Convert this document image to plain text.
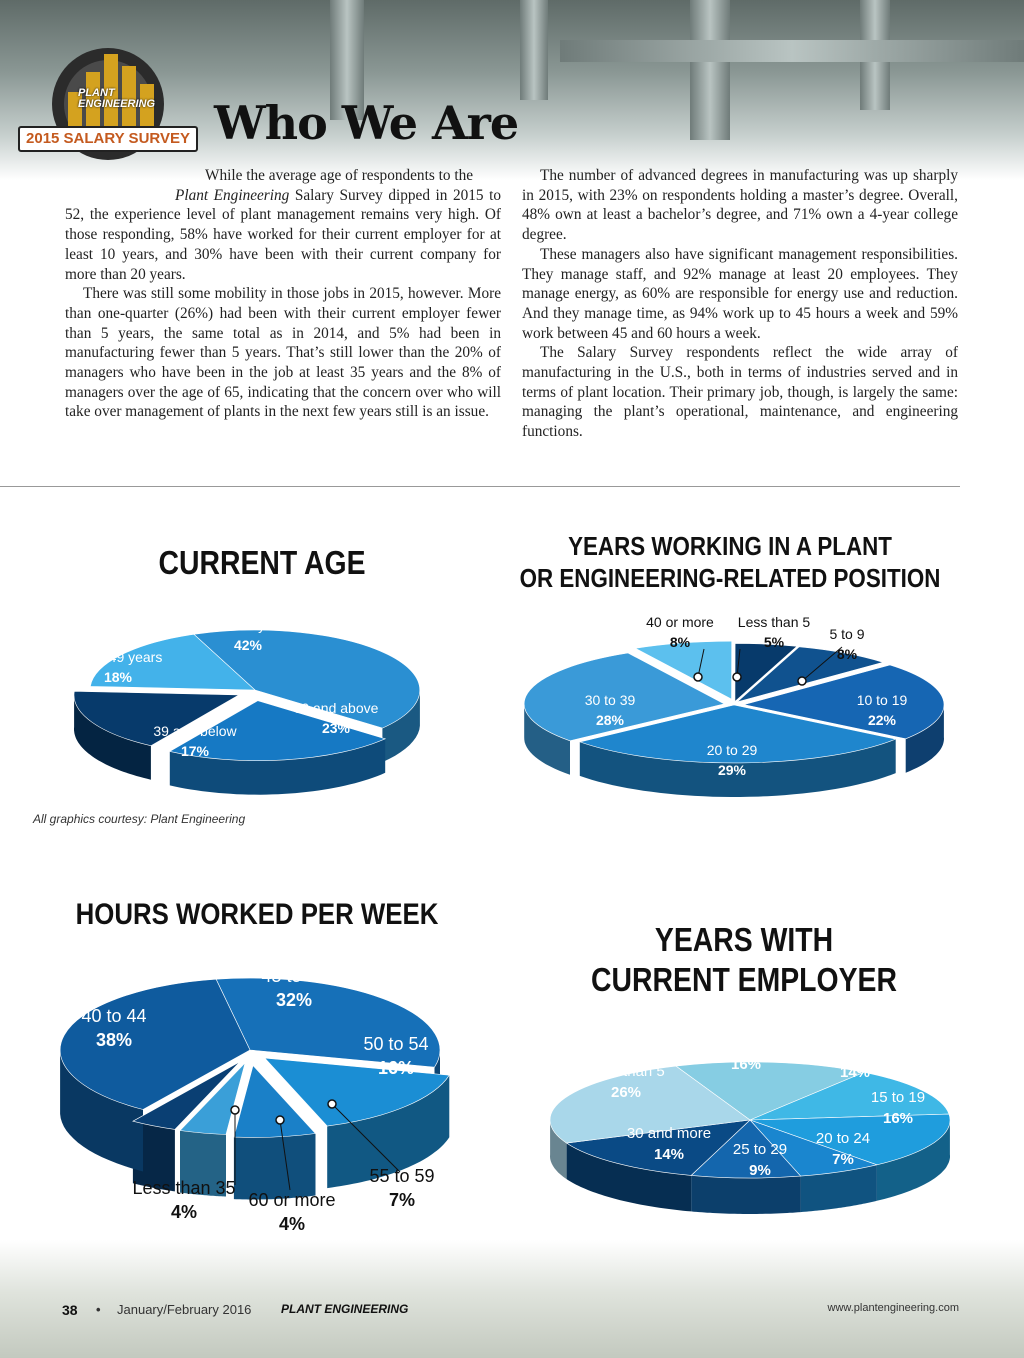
PLANT ENGINEERING
2015 SALARY SURVEY Who We Are

While the average age of respondents to the

Plant Engineering Salary Survey dipped in 2015 to 52, the experience level of plant management remains very high. Of those responding, 58% have worked for their current employer for at least 10 years, and 30% have been with their current company for more than 20 years.

There was still some mobility in those jobs in 2015, however. More than one-quarter (26%) had been with their current employer fewer than 5 years, the same total as in 2014, and 5% had been in manufacturing fewer than 5 years. That’s still lower than the 20% of managers who have been in the job at least 35 years and the 8% of managers over the age of 65, indicating that the concern over who will take over management of plants in the next few years still is an issue.

The number of advanced degrees in manufacturing was up sharply in 2015, with 23% on respondents holding a master’s degree. Overall, 48% own at least a bachelor’s degree, and 71% own a 4-year college degree.

These managers also have significant management responsibilities. They manage staff, and 92% manage at least 20 employees. They manage energy, as 60% are responsible for energy use and reduction. And they manage time, as 94% work up to 45 hours a week and 59% work between 45 and 60 hours a week.

The Salary Survey respondents reflect the wide array of manufacturing in the U.S., both in terms of industries served and in terms of plant location. Their primary job, though, is largely the same: managing the plant’s operational, maintenance, and engineering functions.

CURRENT AGE	YEARS WORKING IN A PLANT
OR ENGINEERING-RELATED POSITION
HOURS WORKED PER WEEK
YEARS WITH
CURRENT EMPLOYER
All graphics courtesy: Plant Engineering
50 to 59 years
42%
60 and above
23%
39 and below
17%
40 to 49 years
18%
Less than 5
5%	5 to 9
8%
10 to 19
22%
20 to 29
29%
30 to 39
28%
40 or more
8%
45 to 49
32%
50 to 54
16%
55 to 59
7%
60 or more
4%
Less than 35
4%
40 to 44
38%	5 to 9
16%
10 to 14
14%
15 to 19
16%
20 to 24
7%
25 to 29
9%
30 and more
14%
Less than 5
26%
38 • January/February 2016 PLANT ENGINEERING	www.plantengineering.com
